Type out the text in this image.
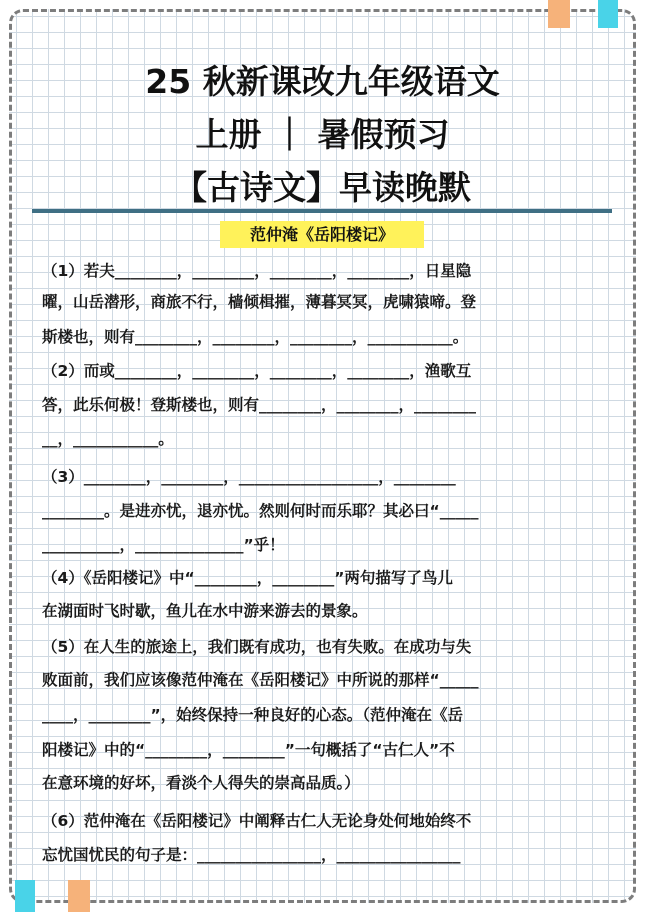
25 秋新课改九年级语文
上册 ｜ 暑假预习
【古诗文】早读晚默
范仲淹《岳阳楼记》
（1）若夫________，________，________，________，日星隐
曜，山岳潜形，商旅不行，樯倾楫摧，薄暮冥冥，虎啸猿啼。登
斯楼也，则有________，________，________，___________。
（2）而或________，________，________，________，渔歌互
答，此乐何极！登斯楼也，则有________，________，________
__，___________。
（3）________，________，__________________，________
________。是进亦忧，退亦忧。然则何时而乐耶？其必曰“_____
__________，______________”乎！
（4）《岳阳楼记》中“________，________”两句描写了鸟儿
在湖面时飞时歇，鱼儿在水中游来游去的景象。
（5）在人生的旅途上，我们既有成功，也有失败。在成功与失
败面前，我们应该像范仲淹在《岳阳楼记》中所说的那样“_____
____，________”，始终保持一种良好的心态。（范仲淹在《岳
阳楼记》中的“________，________”一句概括了“古仁人”不
在意环境的好坏，看淡个人得失的崇高品质。）
（6）范仲淹在《岳阳楼记》中阐释古仁人无论身处何地始终不
忘忧国忧民的句子是：________________，________________
